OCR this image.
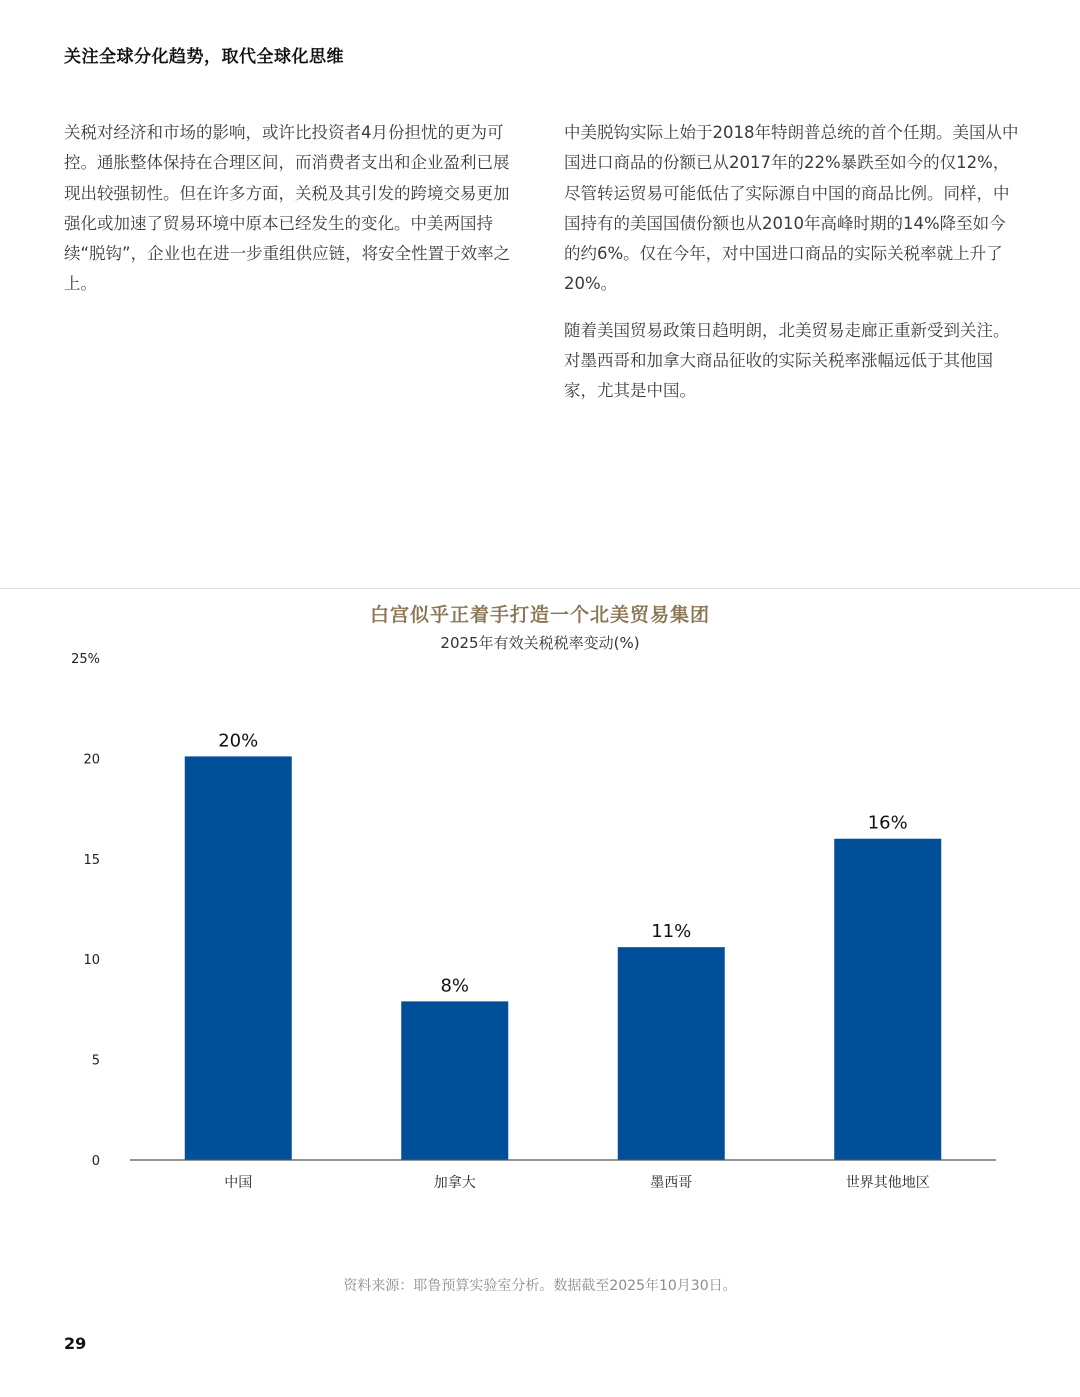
关注全球分化趋势，取代全球化思维

关税对经济和市场的影响，或许比投资者4月份担忧的更为可控。通胀整体保持在合理区间，而消费者支出和企业盈利已展现出较强韧性。但在许多方面，关税及其引发的跨境交易更加强化或加速了贸易环境中原本已经发生的变化。中美两国持续“脱钩”，企业也在进一步重组供应链，将安全性置于效率之上。

中美脱钩实际上始于2018年特朗普总统的首个任期。美国从中国进口商品的份额已从2017年的22%暴跌至如今的仅12%，尽管转运贸易可能低估了实际源自中国的商品比例。同样，中国持有的美国国债份额也从2010年高峰时期的14%降至如今的约6%。仅在今年，对中国进口商品的实际关税率就上升了20%。

随着美国贸易政策日趋明朗，北美贸易走廊正重新受到关注。对墨西哥和加拿大商品征收的实际关税率涨幅远低于其他国家，尤其是中国。

白宫似乎正着手打造一个北美贸易集团
2025年有效关税税率变动(%)
0
5
10
15
20
25%
20%
中国
8%
加拿大
11%
墨西哥
16%
世界其他地区
资料来源：耶鲁预算实验室分析。数据截至2025年10月30日。
29
